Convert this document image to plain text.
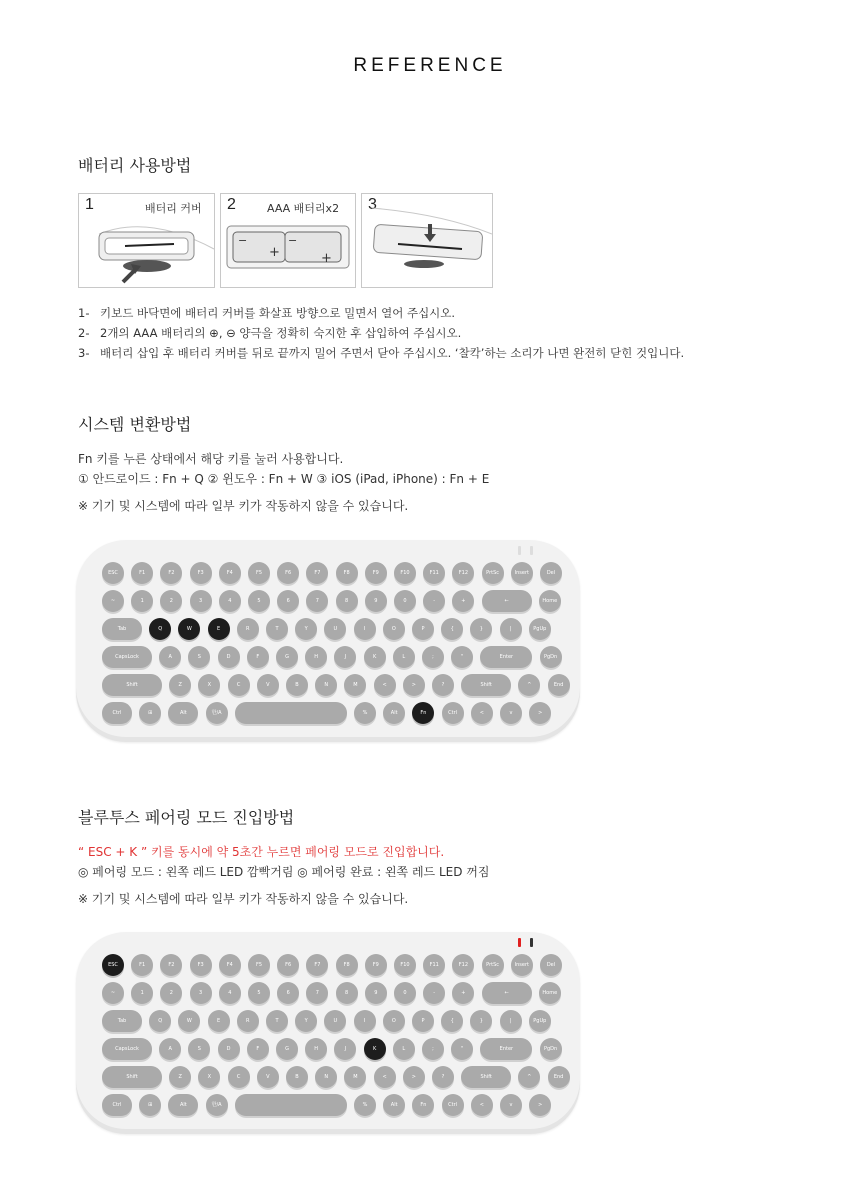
REFERENCE
배터리 사용방법
1	배터리 커버 2	AAA 배터리x2
−
+
−
+
3
1- 키보드 바닥면에 배터리 커버를 화살표 방향으로 밀면서 열어 주십시오.
2- 2개의 AAA 배터리의 ⊕, ⊖ 양극을 정확히 숙지한 후 삽입하여 주십시오.
3- 배터리 삽입 후 배터리 커버를 뒤로 끝까지 밀어 주면서 닫아 주십시오. ‘찰칵’하는 소리가 나면 완전히 닫힌 것입니다.
시스템 변환방법
Fn 키를 누른 상태에서 해당 키를 눌러 사용합니다.
① 안드로이드 : Fn + Q ② 윈도우 : Fn + W ③ iOS (iPad, iPhone) : Fn + E
※ 기기 및 시스템에 따라 일부 키가 작동하지 않을 수 있습니다.
ESC	F1	F2	F3	F4	F5	F6	F7	F8	F9	F10	F11	F12	PrtSc	Insert	Del
~	1	2	3	4	5	6	7	8	9	0	-	+	←	Home
Tab	Q	W	E	R	T	Y	U	I	O	P	{	}	|	PgUp
CapsLock	A	S	D	F	G	H	J	K	L	;	"	Enter	PgDn
Shift	Z	X	C	V	B	N	M	<	>	?	Shift	^	End
Ctrl	⊞	Alt	한/A	%	Alt	Fn	Ctrl	<	v	>
블루투스 페어링 모드 진입방법
“ ESC + K ” 키를 동시에 약 5초간 누르면 페어링 모드로 진입합니다.
◎ 페어링 모드 : 왼쪽 레드 LED 깜빡거림 ◎ 페어링 완료 : 왼쪽 레드 LED 꺼짐
※ 기기 및 시스템에 따라 일부 키가 작동하지 않을 수 있습니다.
ESC	F1	F2	F3	F4	F5	F6	F7	F8	F9	F10	F11	F12	PrtSc	Insert	Del
~	1	2	3	4	5	6	7	8	9	0	-	+	←	Home
Tab	Q	W	E	R	T	Y	U	I	O	P	{	}	|	PgUp
CapsLock	A	S	D	F	G	H	J	K	L	;	"	Enter	PgDn
Shift	Z	X	C	V	B	N	M	<	>	?	Shift	^	End
Ctrl	⊞	Alt	한/A	%	Alt	Fn	Ctrl	<	v	>
